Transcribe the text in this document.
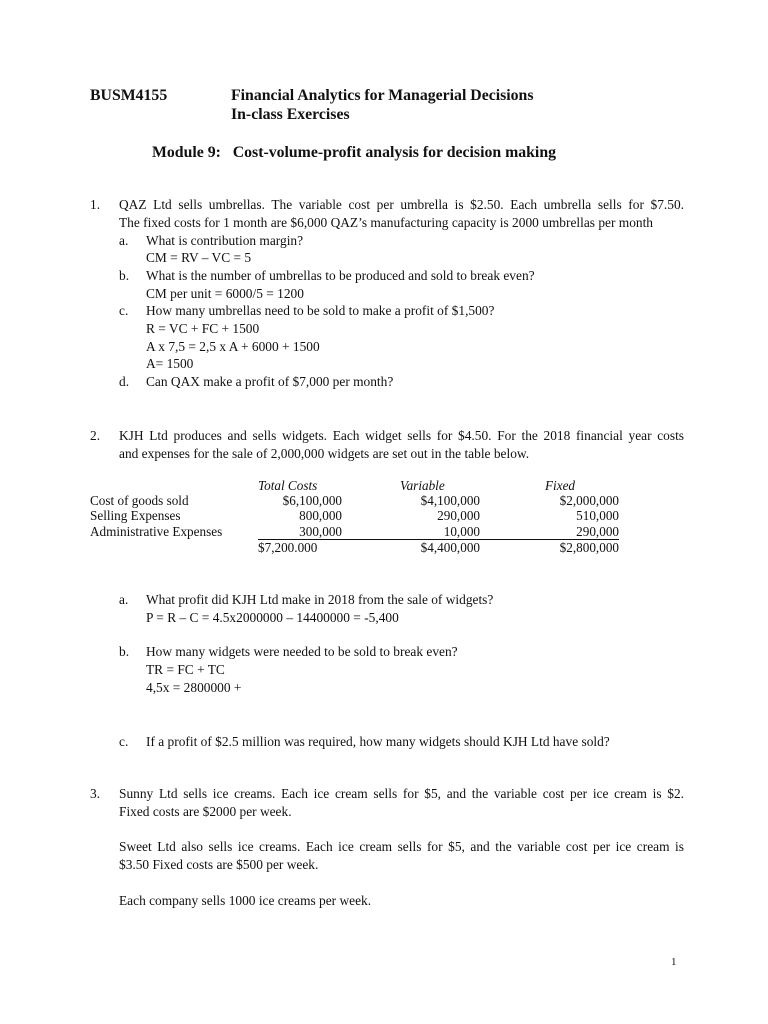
BUSM4155	Financial Analytics for Managerial Decisions
In-class Exercises
Module 9:   Cost-volume-profit analysis for decision making
1. QAZ Ltd sells umbrellas. The variable cost per umbrella is $2.50. Each umbrella sells for $7.50.
The fixed costs for 1 month are $6,000 QAZ’s manufacturing capacity is 2000 umbrellas per month
a. What is contribution margin?
CM = RV – VC = 5
b. What is the number of umbrellas to be produced and sold to break even?
CM per unit = 6000/5 = 1200
c. How many umbrellas need to be sold to make a profit of $1,500?
R = VC + FC + 1500
A x 7,5 = 2,5 x A + 6000 + 1500
A= 1500
d. Can QAX make a profit of $7,000 per month?
2. KJH Ltd produces and sells widgets. Each widget sells for $4.50. For the 2018 financial year costs
and expenses for the sale of 2,000,000 widgets are set out in the table below.
	Total Costs	Variable	Fixed
Cost of goods sold	$6,100,000	$4,100,000	$2,000,000
Selling Expenses	800,000	290,000	510,000
Administrative Expenses	300,000	10,000	290,000
	$7,200.000	$4,400,000	$2,800,000
a. What profit did KJH Ltd make in 2018 from the sale of widgets?
P = R – C = 4.5x2000000 – 14400000 = -5,400
b. How many widgets were needed to be sold to break even?
TR = FC + TC
4,5x = 2800000 +
c. If a profit of $2.5 million was required, how many widgets should KJH Ltd have sold?
3. Sunny Ltd sells ice creams. Each ice cream sells for $5, and the variable cost per ice cream is $2.
Fixed costs are $2000 per week.
Sweet Ltd also sells ice creams. Each ice cream sells for $5, and the variable cost per ice cream is
$3.50 Fixed costs are $500 per week.
Each company sells 1000 ice creams per week.
1
